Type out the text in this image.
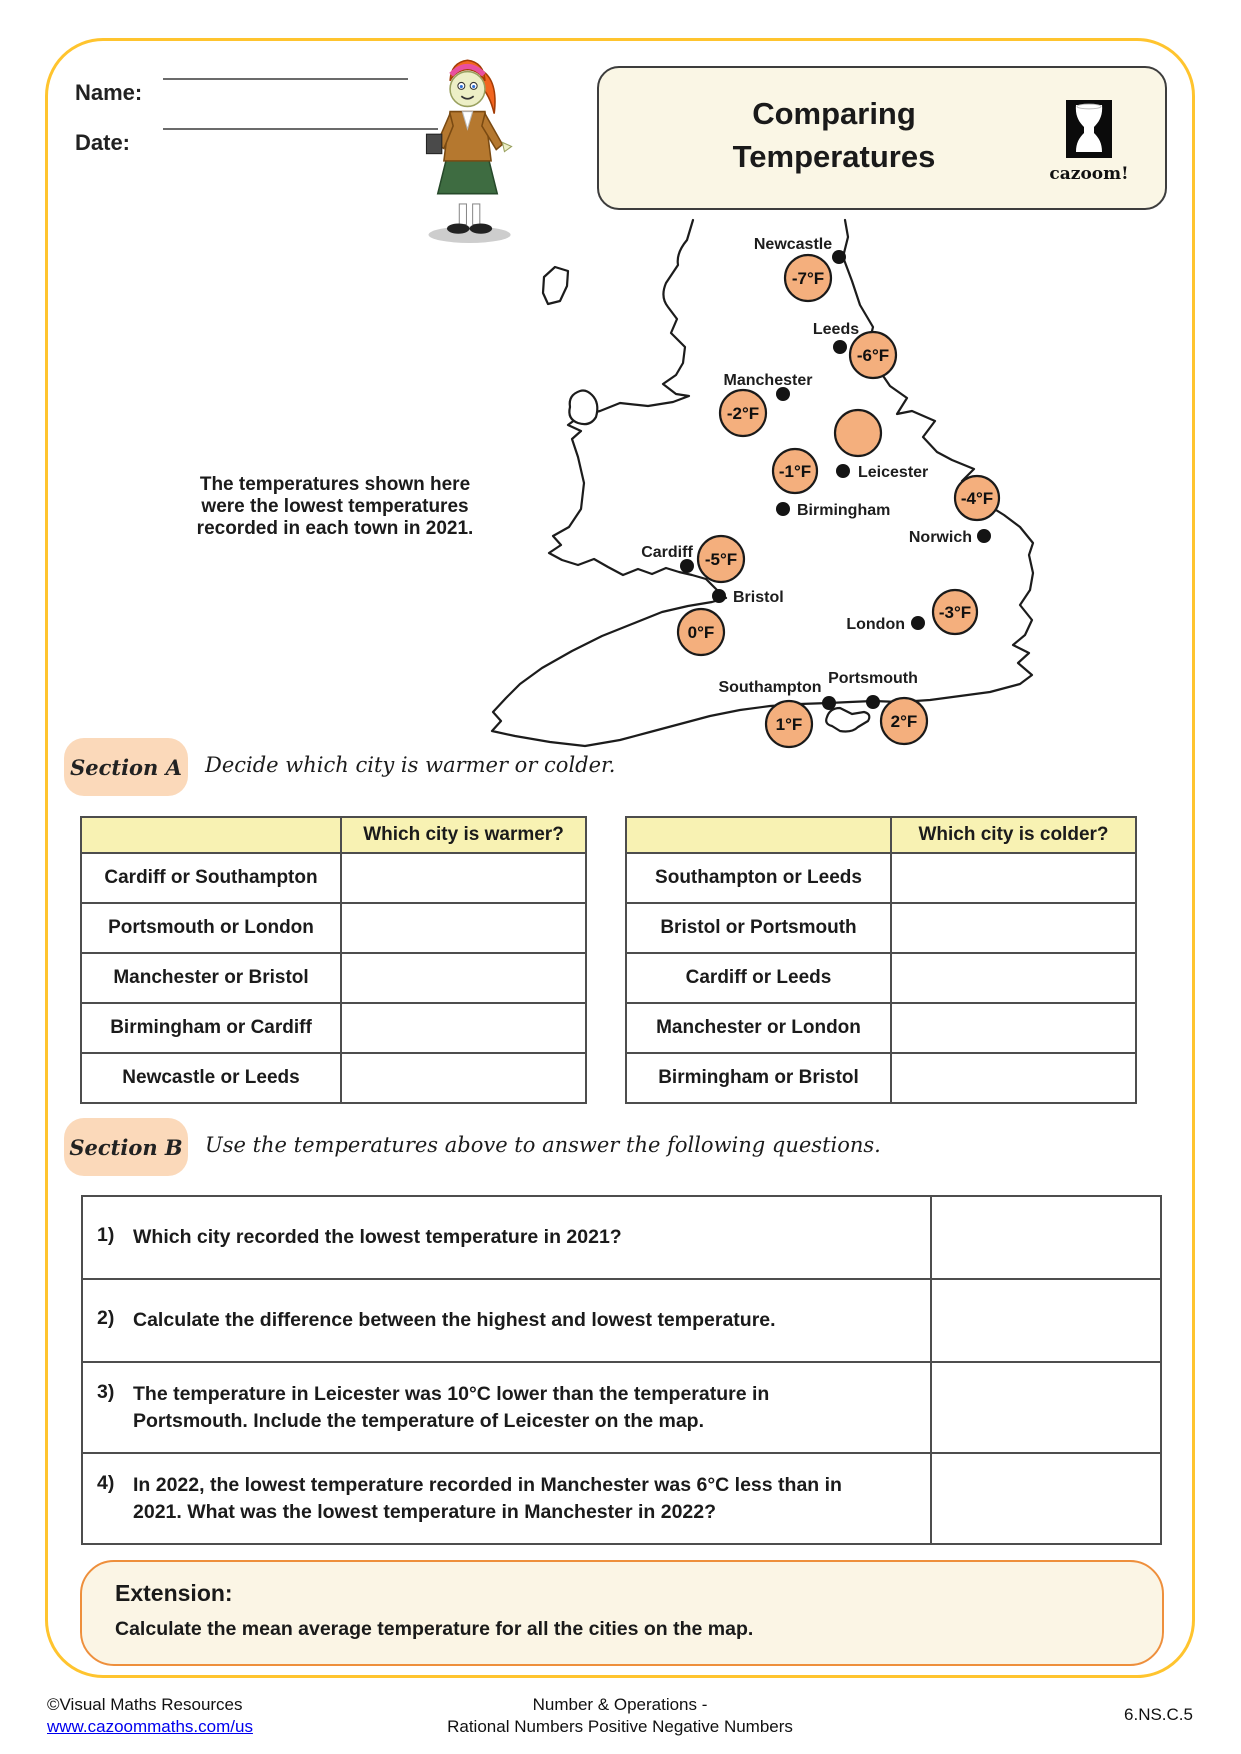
Name:
Date:
Comparing
Temperatures	cazoom!
The temperatures shown here
were the lowest temperatures
recorded in each town in 2021.
-7°F
Newcastle
-6°F
Leeds
-2°F
Manchester
Leicester
-1°F
Birmingham
-4°F
Norwich
-5°F
Cardiff
0°F
Bristol
-3°F
London
1°F
Southampton
2°F
Portsmouth
Section A Decide which city is warmer or colder.
	Which city is warmer?
Cardiff or Southampton	
Portsmouth or London	
Manchester or Bristol	
Birmingham or Cardiff	
Newcastle or Leeds	
	Which city is colder?
Southampton or Leeds	
Bristol or Portsmouth	
Cardiff or Leeds	
Manchester or London	
Birmingham or Bristol	
Section B Use the temperatures above to answer the following questions.
1) Which city recorded the lowest temperature in 2021?	

2) Calculate the difference between the highest and lowest temperature.	

3) The temperature in Leicester was 10°C lower than the temperature in Portsmouth. Include the temperature of Leicester on the map.	

4) In 2022, the lowest temperature recorded in Manchester was 6°C less than in 2021. What was the lowest temperature in Manchester in 2022?	

Extension:
Calculate the mean average temperature for all the cities on the map.
©Visual Maths Resources
www.cazoommaths.com/us
Number & Operations -
Rational Numbers Positive Negative Numbers
6.NS.C.5
